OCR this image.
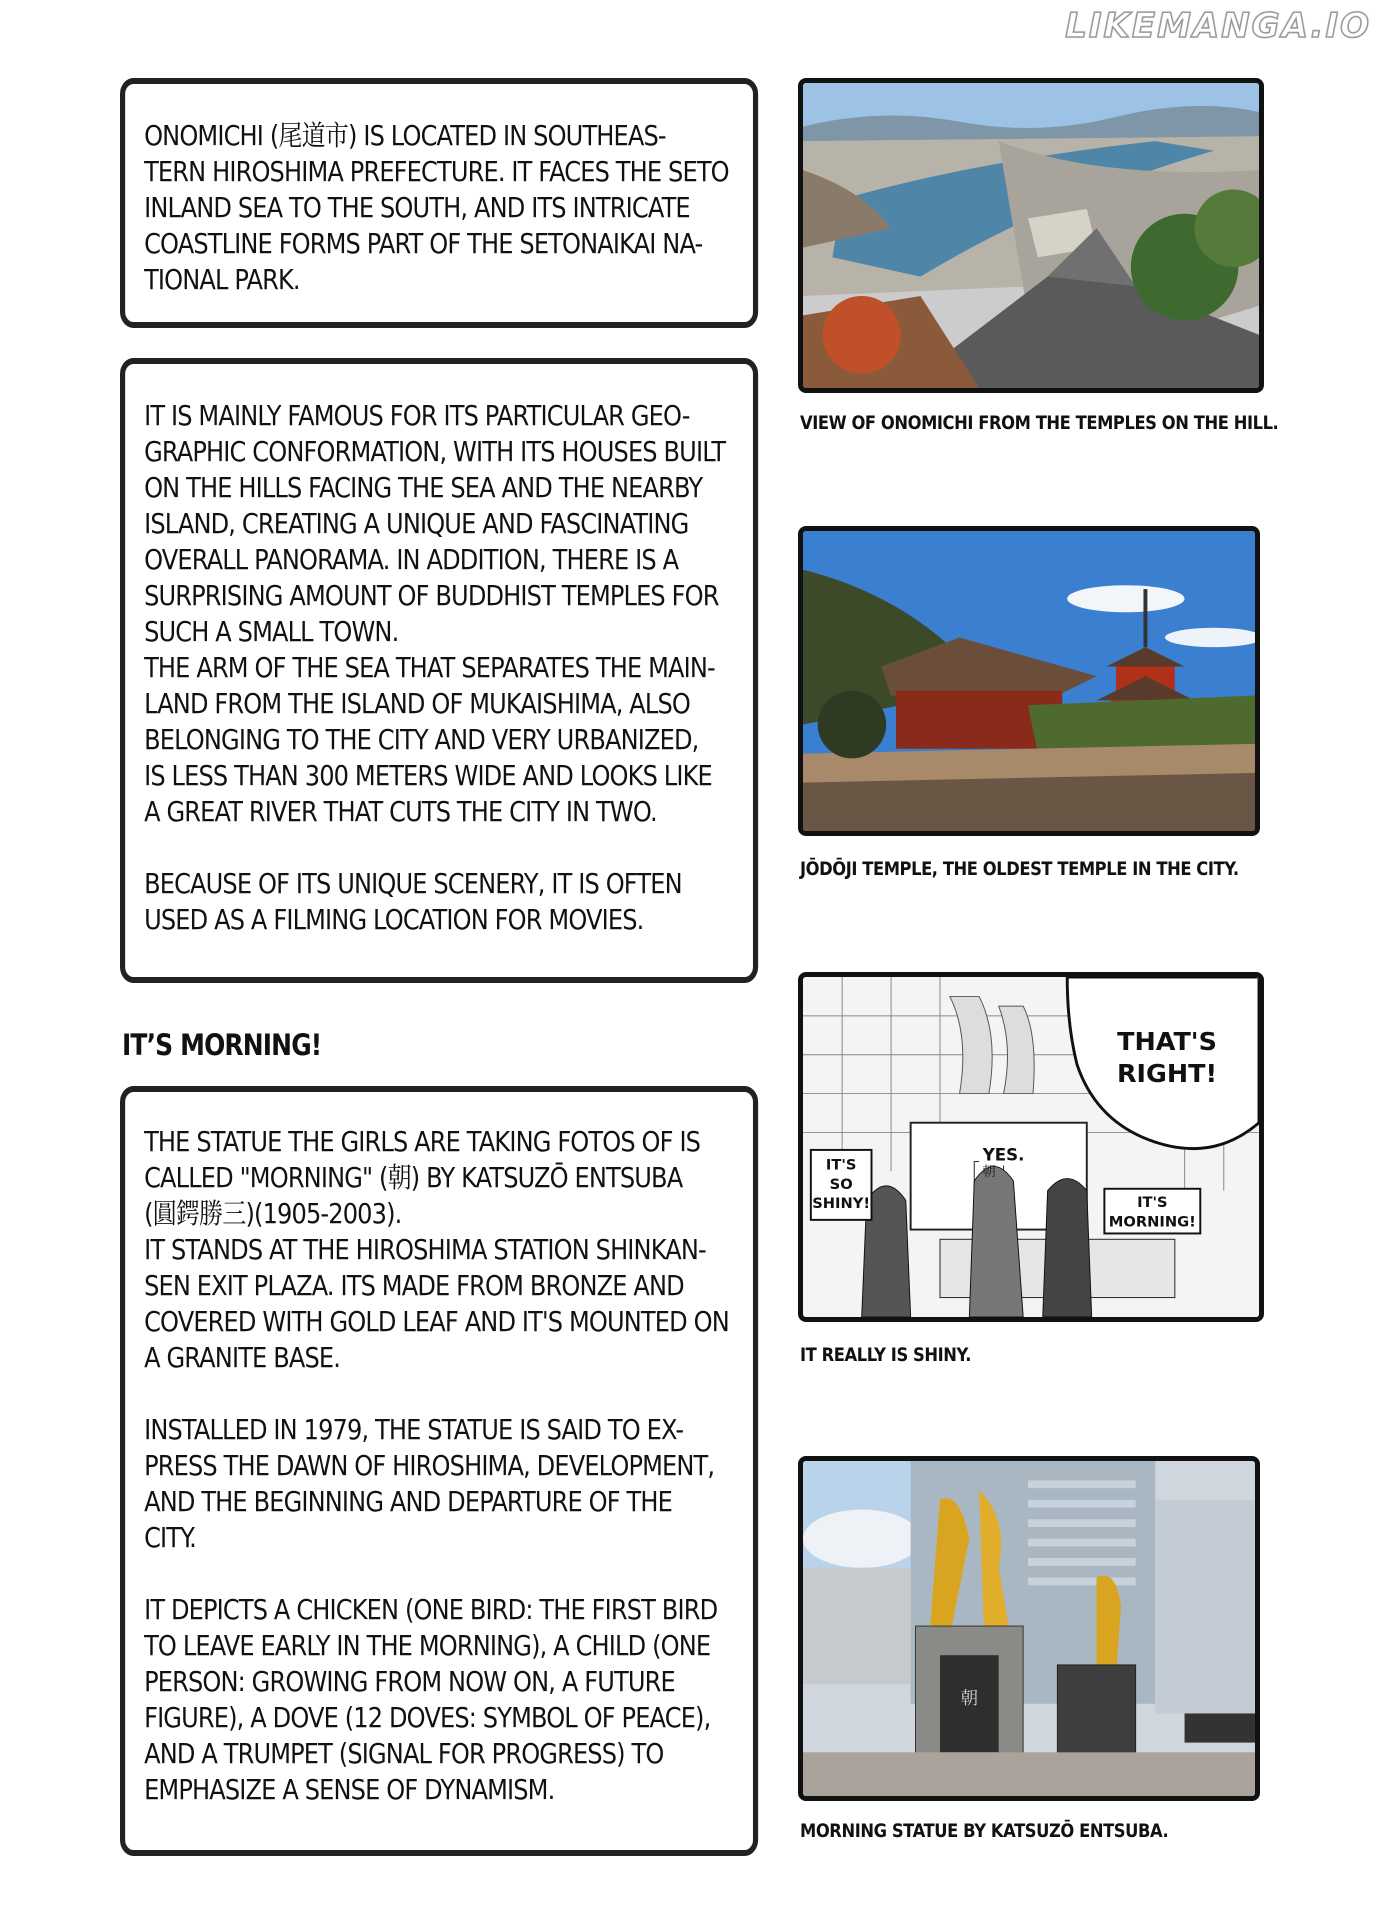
LIKEMANGA.IO

ONOMICHI (尾道市) IS LOCATED IN SOUTHEAS-
TERN HIROSHIMA PREFECTURE. IT FACES THE SETO
INLAND SEA TO THE SOUTH, AND ITS INTRICATE
COASTLINE FORMS PART OF THE SETONAIKAI NA-
TIONAL PARK.

IT IS MAINLY FAMOUS FOR ITS PARTICULAR GEO-
GRAPHIC CONFORMATION, WITH ITS HOUSES BUILT
ON THE HILLS FACING THE SEA AND THE NEARBY
ISLAND, CREATING A UNIQUE AND FASCINATING
OVERALL PANORAMA. IN ADDITION, THERE IS A
SURPRISING AMOUNT OF BUDDHIST TEMPLES FOR
SUCH A SMALL TOWN.
THE ARM OF THE SEA THAT SEPARATES THE MAIN-
LAND FROM THE ISLAND OF MUKAISHIMA, ALSO
BELONGING TO THE CITY AND VERY URBANIZED,
IS LESS THAN 300 METERS WIDE AND LOOKS LIKE
A GREAT RIVER THAT CUTS THE CITY IN TWO.

BECAUSE OF ITS UNIQUE SCENERY, IT IS OFTEN
USED AS A FILMING LOCATION FOR MOVIES.

IT’S MORNING!

THE STATUE THE GIRLS ARE TAKING FOTOS OF IS
CALLED "MORNING" (朝) BY KATSUZŌ ENTSUBA
(圓鍔勝三)(1905-2003).
IT STANDS AT THE HIROSHIMA STATION SHINKAN-
SEN EXIT PLAZA. ITS MADE FROM BRONZE AND
COVERED WITH GOLD LEAF AND IT'S MOUNTED ON
A GRANITE BASE.

INSTALLED IN 1979, THE STATUE IS SAID TO EX-
PRESS THE DAWN OF HIROSHIMA, DEVELOPMENT,
AND THE BEGINNING AND DEPARTURE OF THE
CITY.

IT DEPICTS A CHICKEN (ONE BIRD: THE FIRST BIRD
TO LEAVE EARLY IN THE MORNING), A CHILD (ONE
PERSON: GROWING FROM NOW ON, A FUTURE
FIGURE), A DOVE (12 DOVES: SYMBOL OF PEACE),
AND A TRUMPET (SIGNAL FOR PROGRESS) TO
EMPHASIZE A SENSE OF DYNAMISM.

VIEW OF ONOMICHI FROM THE TEMPLES ON THE HILL.
JŌDŌJI TEMPLE, THE OLDEST TEMPLE IN THE CITY.
THAT'S
RIGHT!
YES.
IT'S
SO
SHINY!	IT'S
MORNING!
朝
IT REALLY IS SHINY.
朝
MORNING STATUE BY KATSUZŌ ENTSUBA.
